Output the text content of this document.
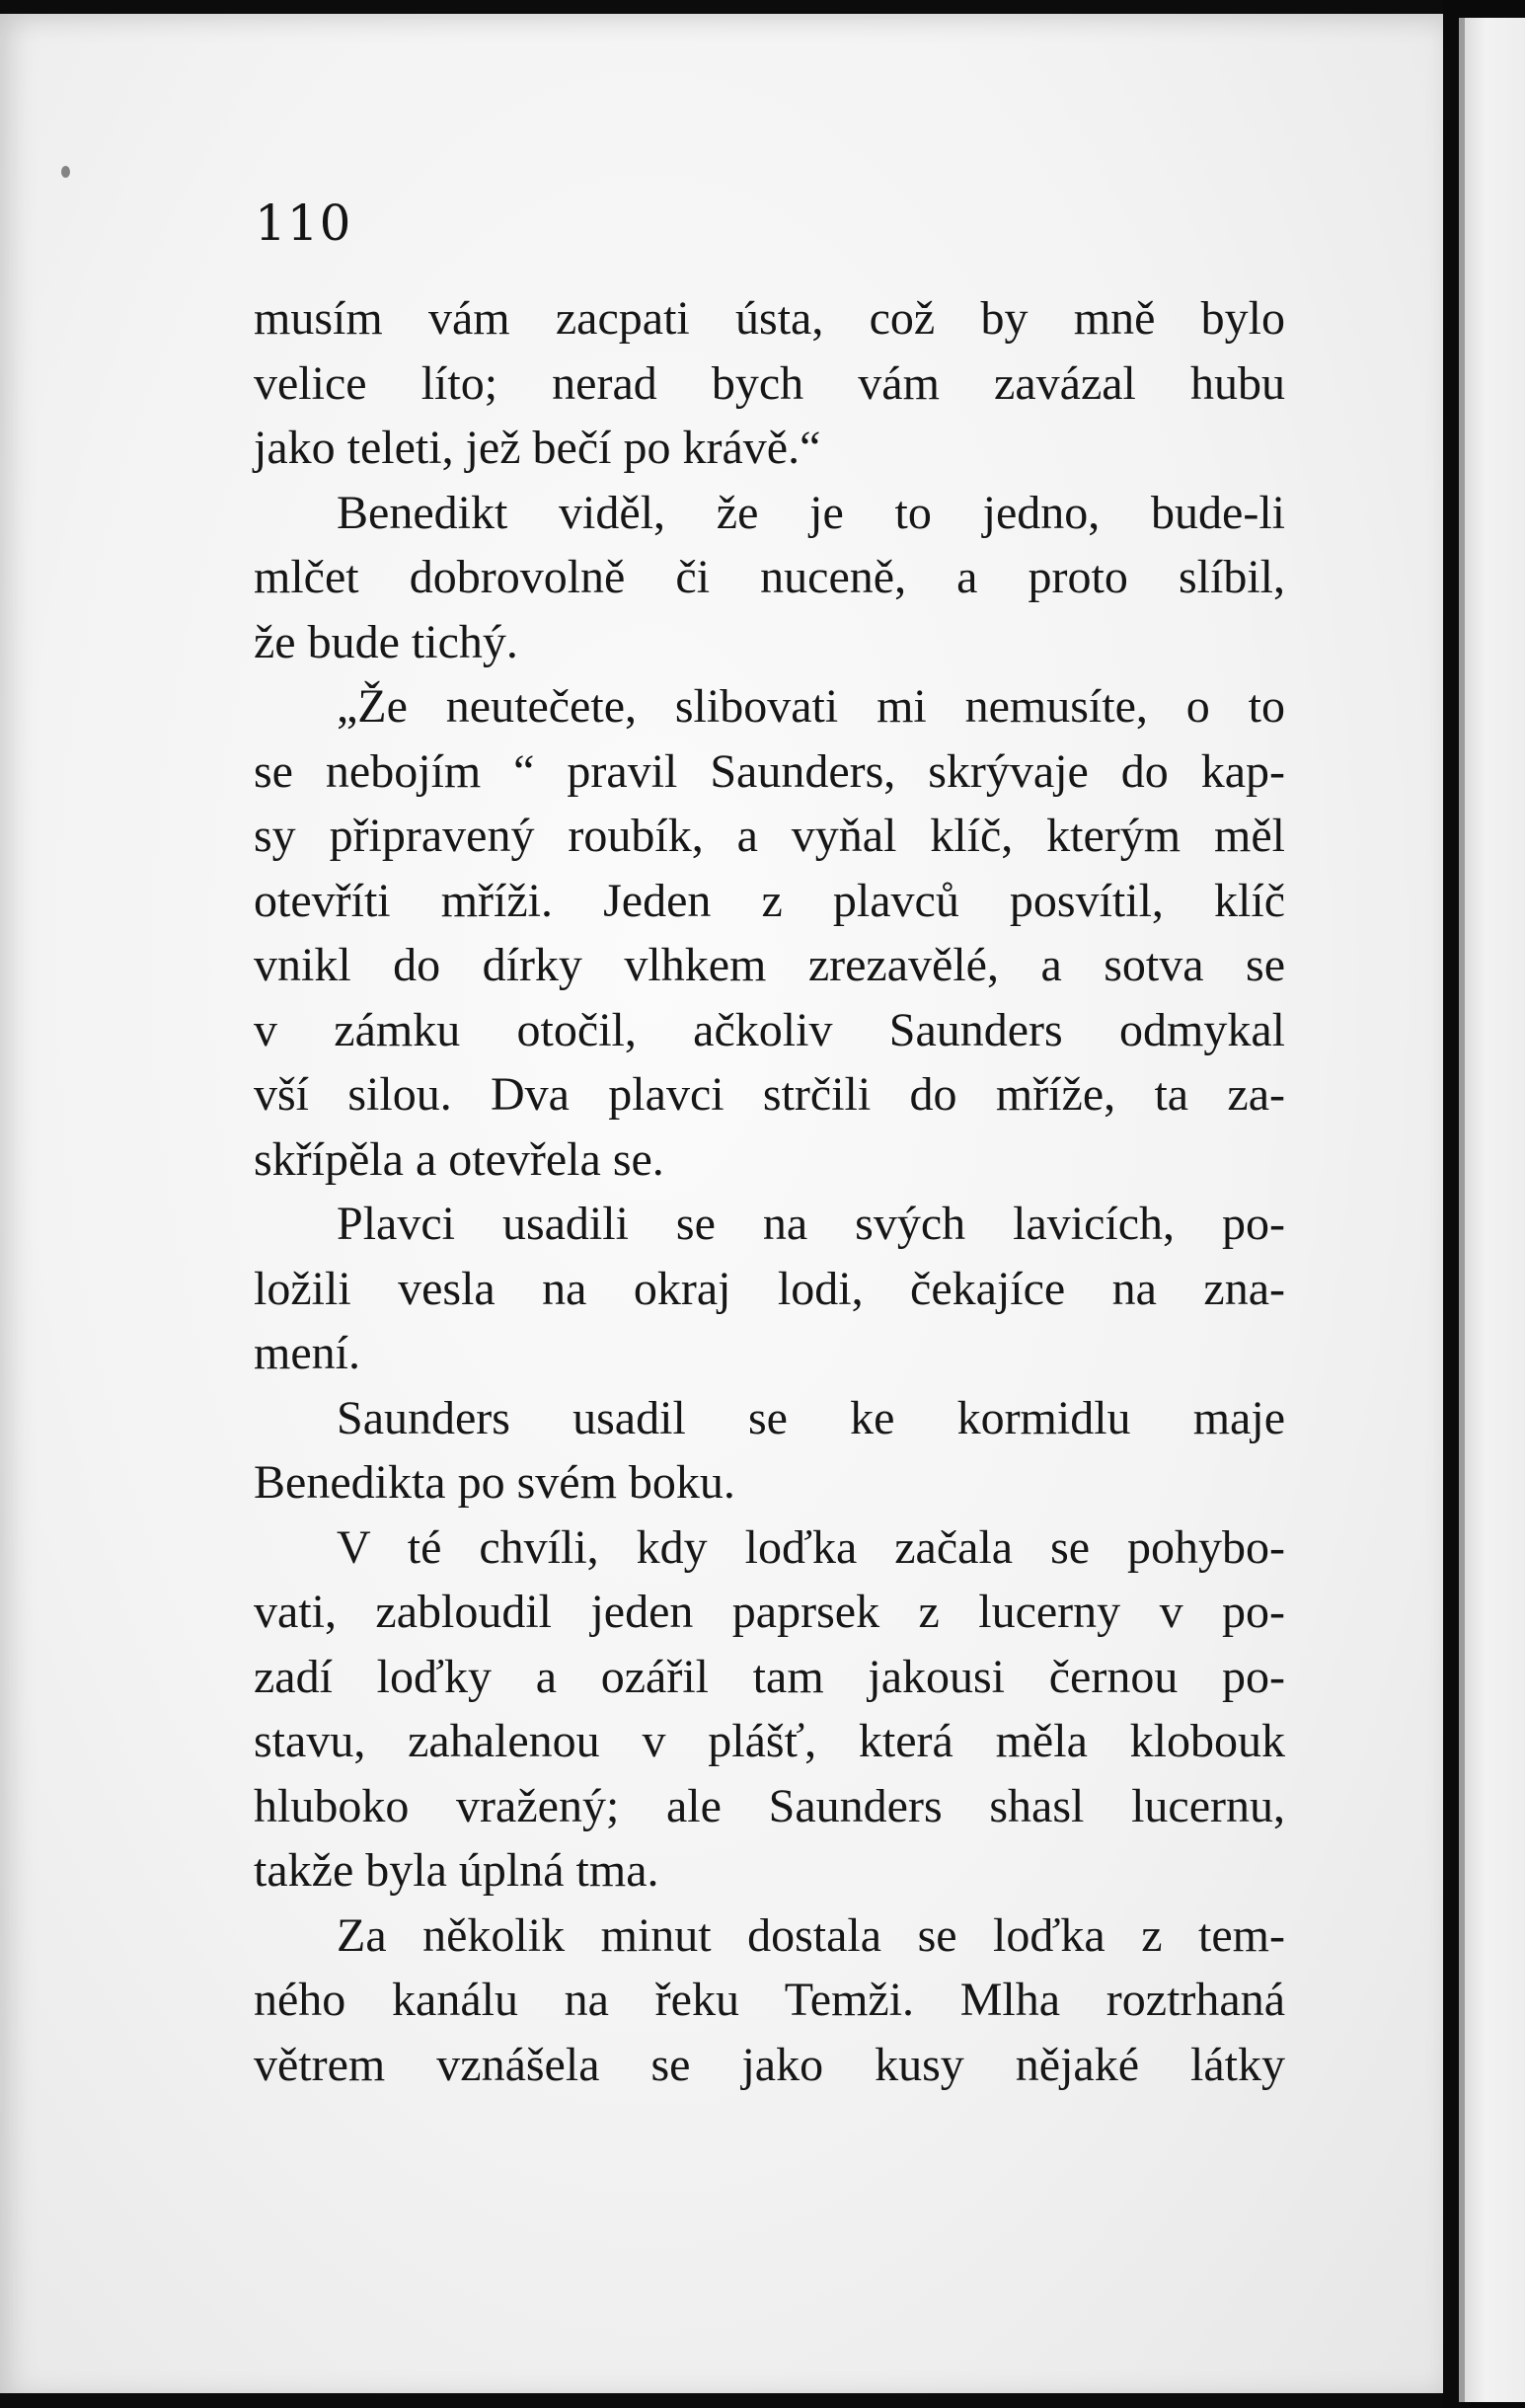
110
musím vám zacpati ústa, což by mně bylo
velice líto; nerad bych vám zavázal hubu
jako teleti, jež bečí po krávě.“
Benedikt viděl, že je to jedno, bude-li
mlčet dobrovolně či nuceně, a proto slíbil,
že bude tichý.
„Že neutečete, slibovati mi nemusíte, o to
se nebojím “ pravil Saunders, skrývaje do kap-
sy připravený roubík, a vyňal klíč, kterým měl
otevříti mříži. Jeden z plavců posvítil, klíč
vnikl do dírky vlhkem zrezavělé, a sotva se
v zámku otočil, ačkoliv Saunders odmykal
vší silou. Dva plavci strčili do mříže, ta za-
skřípěla a otevřela se.
Plavci usadili se na svých lavicích, po-
ložili vesla na okraj lodi, čekajíce na zna-
mení.
Saunders usadil se ke kormidlu maje
Benedikta po svém boku.
V té chvíli, kdy loďka začala se pohybo-
vati, zabloudil jeden paprsek z lucerny v po-
zadí loďky a ozářil tam jakousi černou po-
stavu, zahalenou v plášť, která měla klobouk
hluboko vražený; ale Saunders shasl lucernu,
takže byla úplná tma.
Za několik minut dostala se loďka z tem-
ného kanálu na řeku Temži. Mlha roztrhaná
větrem vznášela se jako kusy nějaké látky
